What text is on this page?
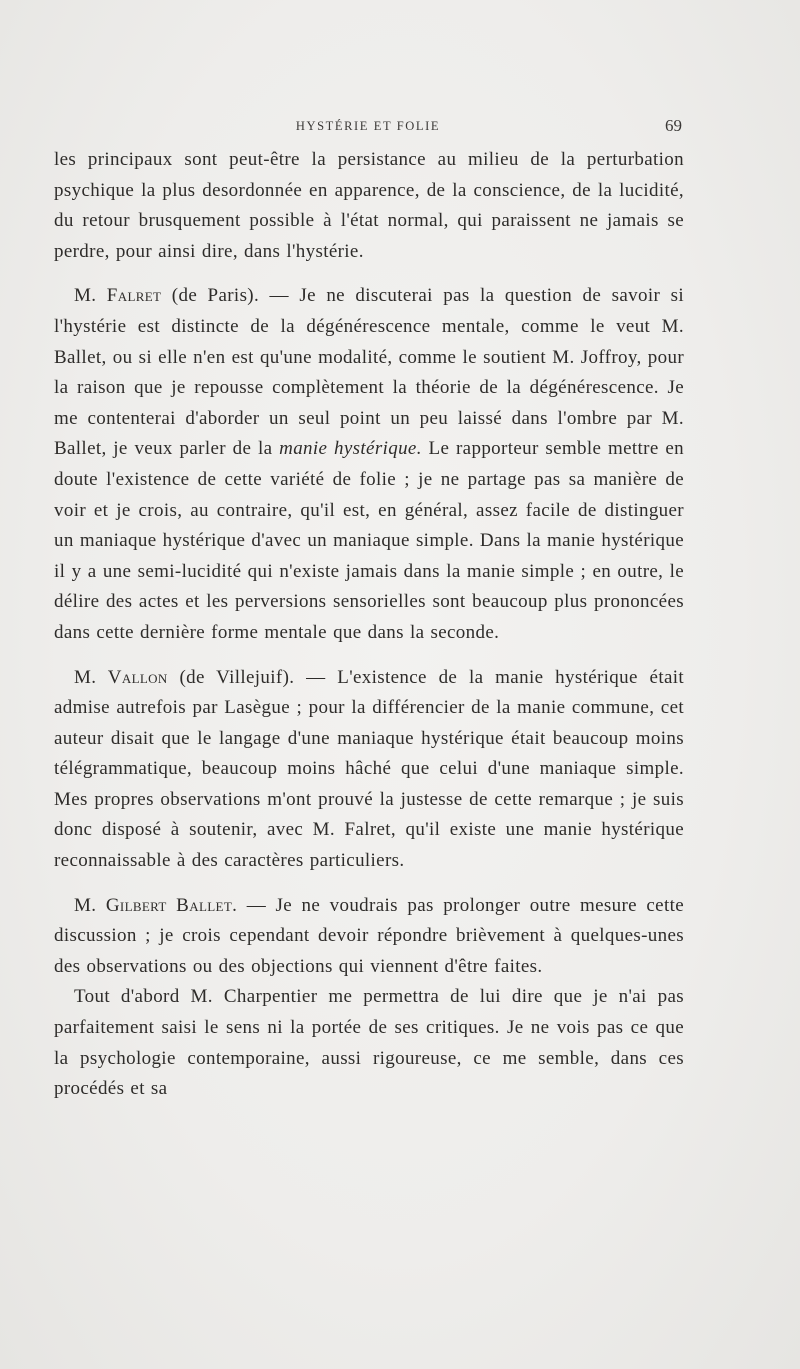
HYSTÉRIE ET FOLIE	69

les principaux sont peut-être la persistance au milieu de la perturbation psychique la plus desordonnée en apparence, de la conscience, de la lucidité, du retour brusquement possible à l'état normal, qui paraissent ne jamais se perdre, pour ainsi dire, dans l'hystérie.

M. Falret (de Paris). — Je ne discuterai pas la question de savoir si l'hystérie est distincte de la dégénérescence mentale, comme le veut M. Ballet, ou si elle n'en est qu'une modalité, comme le soutient M. Joffroy, pour la raison que je repousse complètement la théorie de la dégénérescence. Je me contenterai d'aborder un seul point un peu laissé dans l'ombre par M. Ballet, je veux parler de la manie hystérique. Le rapporteur semble mettre en doute l'existence de cette variété de folie ; je ne partage pas sa manière de voir et je crois, au contraire, qu'il est, en général, assez facile de distinguer un maniaque hystérique d'avec un maniaque simple. Dans la manie hystérique il y a une semi-lucidité qui n'existe jamais dans la manie simple ; en outre, le délire des actes et les perversions sensorielles sont beaucoup plus prononcées dans cette dernière forme mentale que dans la seconde.

M. Vallon (de Villejuif). — L'existence de la manie hystérique était admise autrefois par Lasègue ; pour la différencier de la manie commune, cet auteur disait que le langage d'une maniaque hystérique était beaucoup moins télégrammatique, beaucoup moins hâché que celui d'une maniaque simple. Mes propres observations m'ont prouvé la justesse de cette remarque ; je suis donc disposé à soutenir, avec M. Falret, qu'il existe une manie hystérique reconnaissable à des caractères particuliers.

M. Gilbert Ballet. — Je ne voudrais pas prolonger outre mesure cette discussion ; je crois cependant devoir répondre brièvement à quelques-unes des observations ou des objections qui viennent d'être faites.

Tout d'abord M. Charpentier me permettra de lui dire que je n'ai pas parfaitement saisi le sens ni la portée de ses critiques. Je ne vois pas ce que la psychologie contemporaine, aussi rigoureuse, ce me semble, dans ces procédés et sa
